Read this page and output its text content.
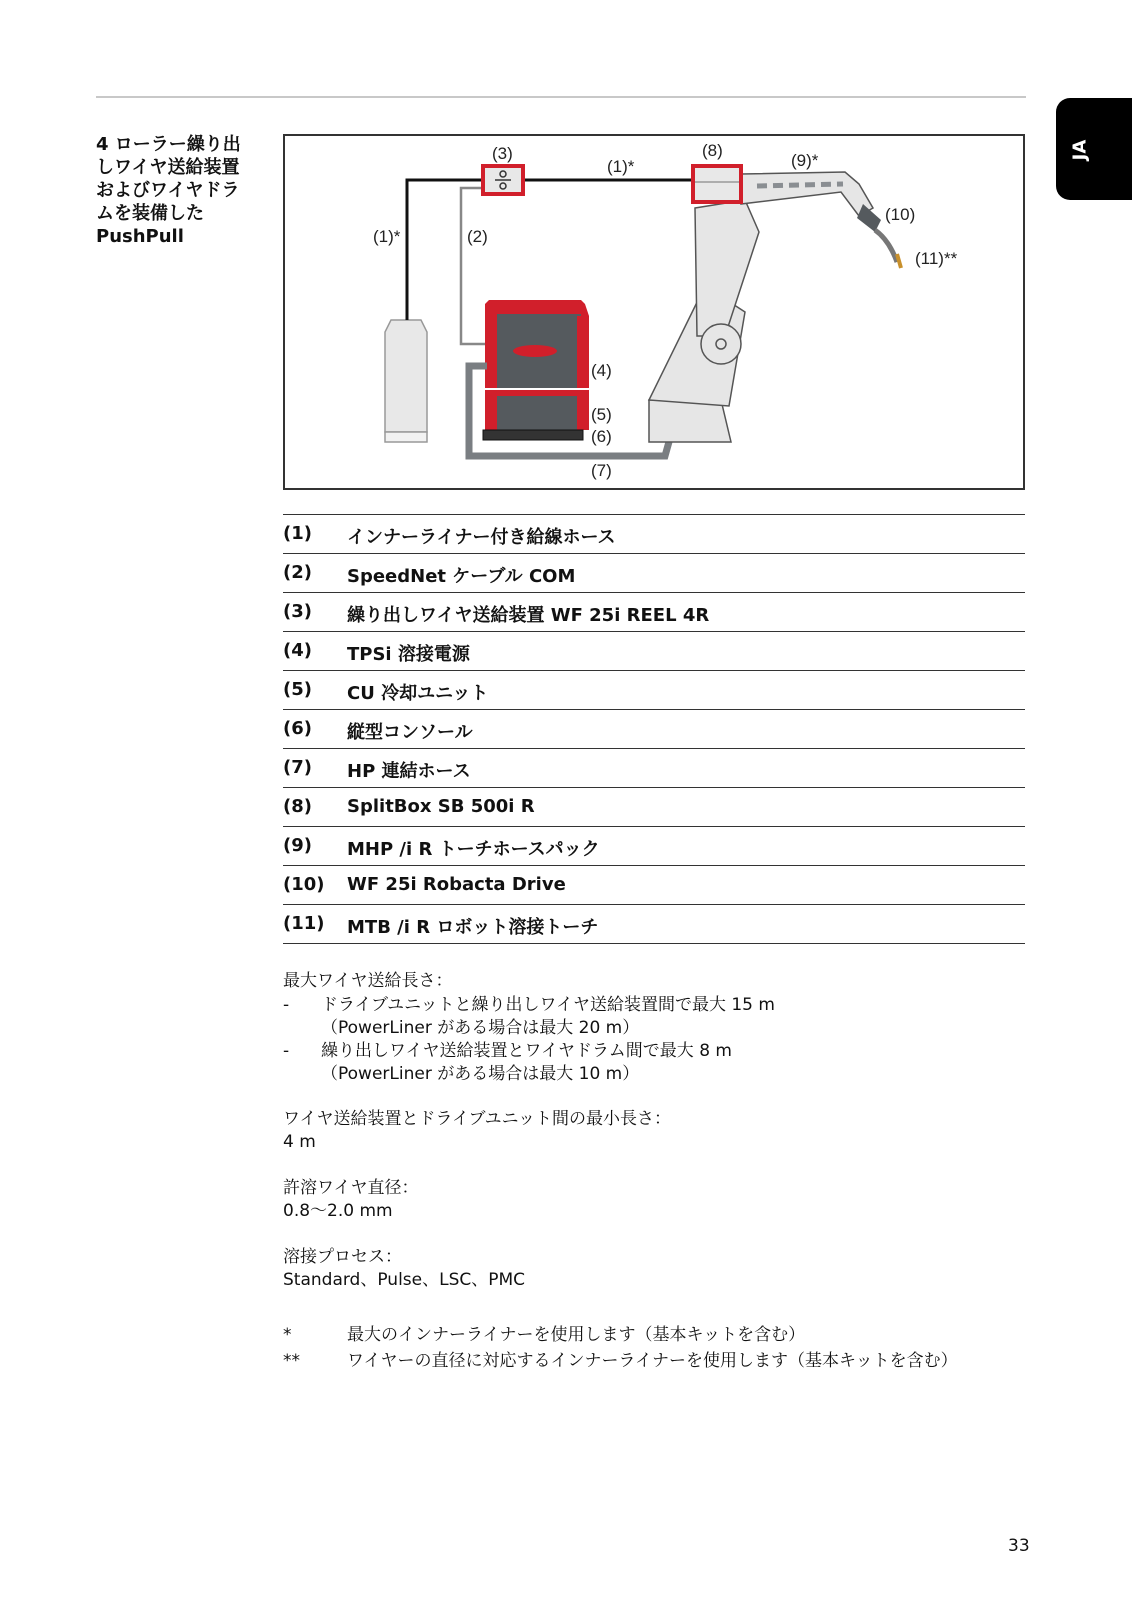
JA
4 ローラー繰り出
しワイヤ送給装置
およびワイヤドラ
ムを装備した
PushPull	(1)*	(2)
(3)
(1)*
(8)
(9)*
(10)
(11)**
(4)
(5)
(6)
(7)
(1) インナーライナー付き給線ホース
(2) SpeedNet ケーブル COM
(3) 繰り出しワイヤ送給装置 WF 25i REEL 4R
(4) TPSi 溶接電源
(5) CU 冷却ユニット
(6) 縦型コンソール
(7) HP 連結ホース
(8) SplitBox SB 500i R
(9) MHP /i R トーチホースパック
(10) WF 25i Robacta Drive
(11) MTB /i R ロボット溶接トーチ
最大ワイヤ送給長さ：
- ドライブユニットと繰り出しワイヤ送給装置間で最大 15 m
（PowerLiner がある場合は最大 20 m）
- 繰り出しワイヤ送給装置とワイヤドラム間で最大 8 m
（PowerLiner がある場合は最大 10 m）
ワイヤ送給装置とドライブユニット間の最小長さ：
4 m
許溶ワイヤ直径：
0.8～2.0 mm
溶接プロセス：
Standard、Pulse、LSC、PMC
*	最大のインナーライナーを使用します（基本キットを含む）
**	ワイヤーの直径に対応するインナーライナーを使用します（基本キットを含む）
33
